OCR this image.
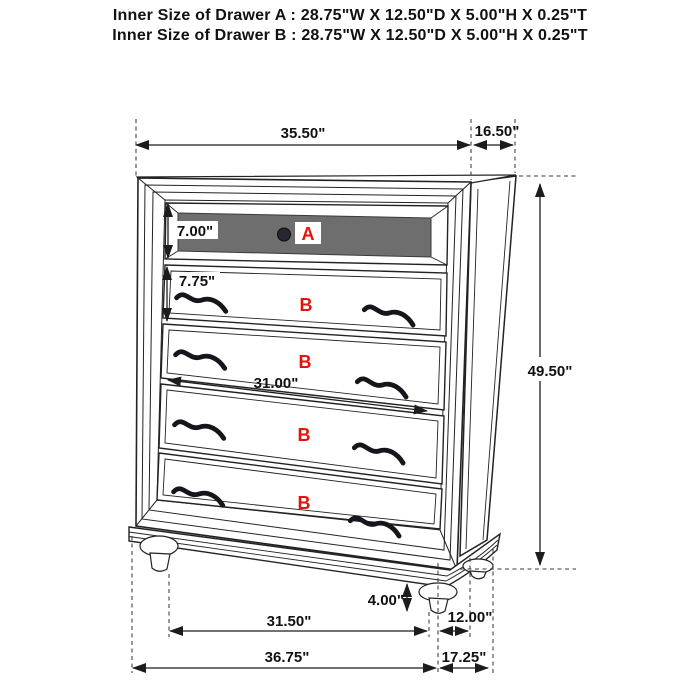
35.50"	16.50"
49.50"
7.00"
7.75"
31.00"
4.00"
31.50"	12.00"
36.75"	17.25"
A
B
B
B
B
Inner Size of Drawer A : 28.75"W X 12.50"D X 5.00"H X 0.25"T
Inner Size of Drawer B : 28.75"W X 12.50"D X 5.00"H X 0.25"T
